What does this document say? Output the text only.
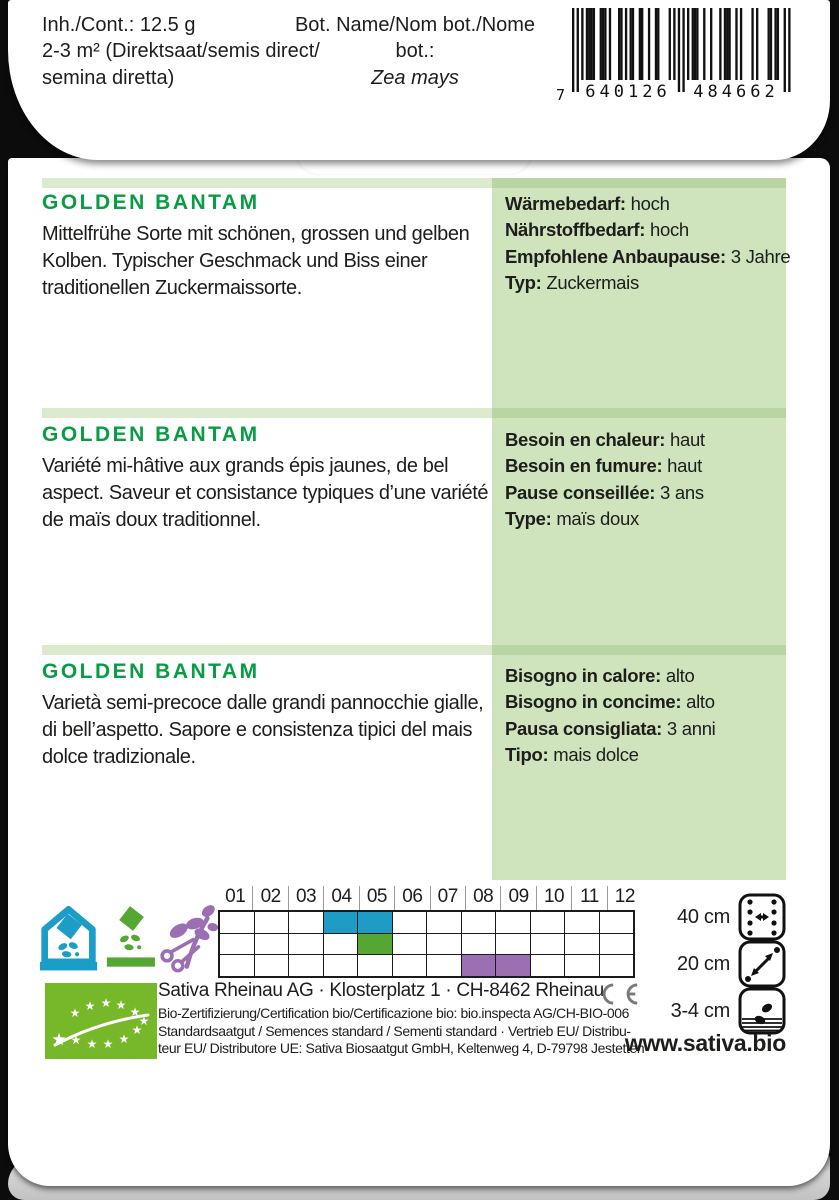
Inh./Cont.: 12.5 g
2-3 m² (Direktsaat/semis direct/
semina diretta)
Bot. Name/Nom bot./Nome bot.:
Zea mays
7	640126	484662
GOLDEN BANTAM
Mittelfrühe Sorte mit schönen, grossen und gelben Kolben. Typischer Geschmack und Biss einer traditionellen Zuckermaissorte.
Wärmebedarf: hoch
Nährstoffbedarf: hoch
Empfohlene Anbaupause: 3 Jahre
Typ: Zuckermais
GOLDEN BANTAM
Variété mi-hâtive aux grands épis jaunes, de bel aspect. Saveur et consistance typiques d’une variété de maïs doux traditionnel.
Besoin en chaleur: haut
Besoin en fumure: haut
Pause conseillée: 3 ans
Type: maïs doux
GOLDEN BANTAM
Varietà semi-precoce dalle grandi pannocchie gialle, di bell’aspetto. Sapore e consistenza tipici del mais dolce tradizionale.
Bisogno in calore: alto
Bisogno in concime: alto
Pausa consigliata: 3 anni
Tipo: mais dolce
01 02 03 04 05 06 07 08 09 10 11 12
40 cm
20 cm
3-4 cm
www.sativa.bio
★
★ ★ ★ ★ ★
★
★ ★ ★ ★
★
Sativa Rheinau AG · Klosterplatz 1 · CH-8462 Rheinau
Bio-Zertifizierung/Certification bio/Certificazione bio: bio.inspecta AG/CH-BIO-006
Standardsaatgut / Semences standard / Sementi standard · Vertrieb EU/ Distribu-
teur EU/ Distributore UE: Sativa Biosaatgut GmbH, Keltenweg 4, D-79798 Jestetten
